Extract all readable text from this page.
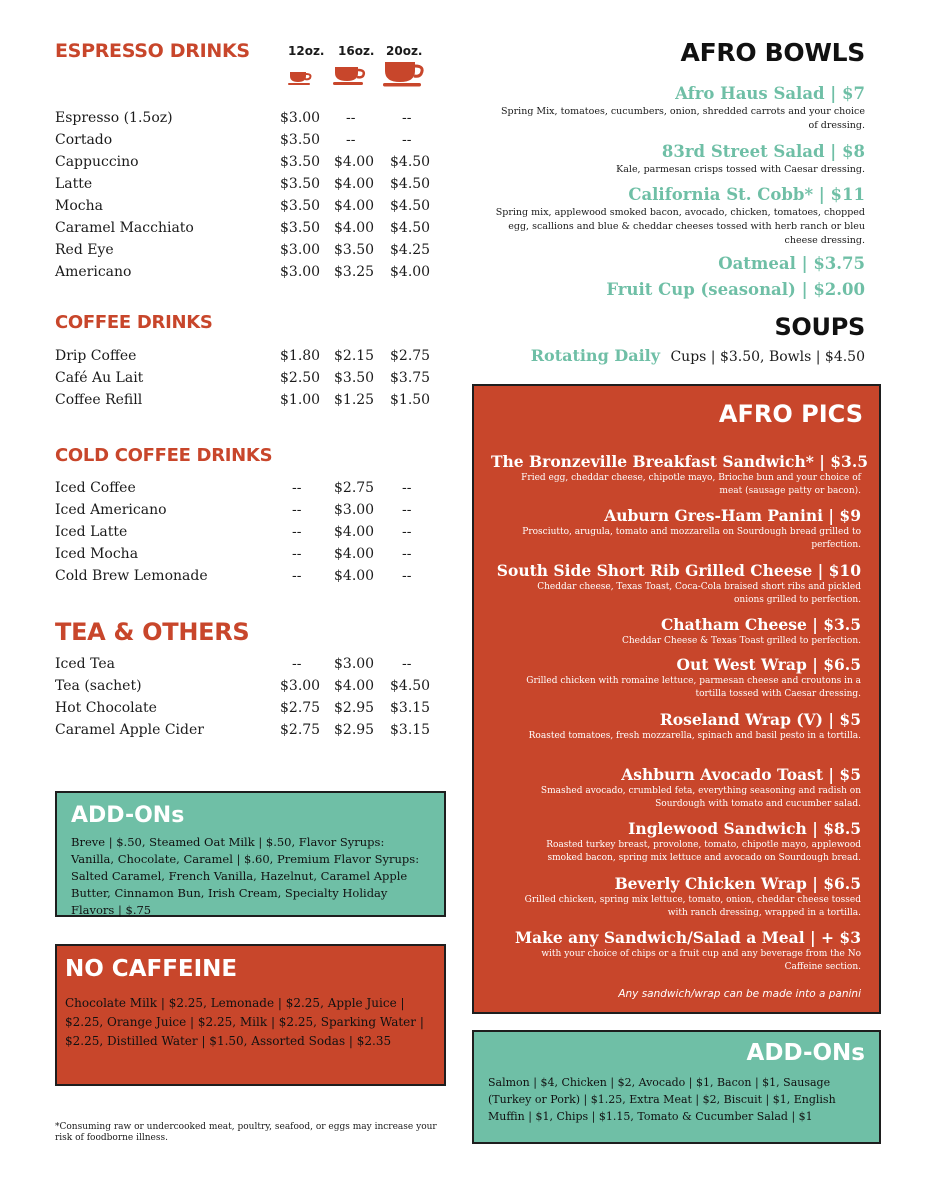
ESPRESSO DRINKS	12oz. 16oz. 20oz.
Espresso (1.5oz)	$3.00	--	--
Cortado	$3.50	--	--
Cappuccino	$3.50 $4.00	$4.50
Latte	$3.50 $4.00	$4.50
Mocha	$3.50 $4.00	$4.50
Caramel Macchiato	$3.50 $4.00	$4.50
Red Eye	$3.00 $3.50	$4.25
Americano	$3.00 $3.25	$4.00
COFFEE DRINKS
Drip Coffee	$1.80 $2.15	$2.75
Café Au Lait	$2.50 $3.50	$3.75
Coffee Refill	$1.00 $1.25	$1.50
COLD COFFEE DRINKS
Iced Coffee	--	$2.75	--
Iced Americano	--	$3.00	--
Iced Latte	--	$4.00	--
Iced Mocha	--	$4.00	--
Cold Brew Lemonade	--	$4.00	--
TEA & OTHERS
Iced Tea	--	$3.00	--
Tea (sachet)	$3.00 $4.00	$4.50
Hot Chocolate	$2.75 $2.95	$3.15
Caramel Apple Cider	$2.75 $2.95	$3.15
ADD-ONs
Breve | $.50, Steamed Oat Milk | $.50, Flavor Syrups: Vanilla, Chocolate, Caramel | $.60, Premium Flavor Syrups: Salted Caramel, French Vanilla, Hazelnut, Caramel Apple Butter, Cinnamon Bun, Irish Cream, Specialty Holiday Flavors | $.75
NO CAFFEINE
Chocolate Milk | $2.25, Lemonade | $2.25, Apple Juice | $2.25, Orange Juice | $2.25, Milk | $2.25, Sparking Water | $2.25, Distilled Water | $1.50, Assorted Sodas | $2.35
*Consuming raw or undercooked meat, poultry, seafood, or eggs may increase your risk of foodborne illness.
AFRO BOWLS
Afro Haus Salad | $7
Spring Mix, tomatoes, cucumbers, onion, shredded carrots and your choice of dressing.
83rd Street Salad | $8
Kale, parmesan crisps tossed with Caesar dressing.
California St. Cobb* | $11
Spring mix, applewood smoked bacon, avocado, chicken, tomatoes, chopped egg, scallions and blue & cheddar cheeses tossed with herb ranch or bleu cheese dressing.
Oatmeal | $3.75
Fruit Cup (seasonal) | $2.00
SOUPS
Rotating Daily Cups | $3.50, Bowls | $4.50
AFRO PICS
The Bronzeville Breakfast Sandwich* | $3.5
Fried egg, cheddar cheese, chipotle mayo, Brioche bun and your choice of meat (sausage patty or bacon).
Auburn Gres-Ham Panini | $9
Prosciutto, arugula, tomato and mozzarella on Sourdough bread grilled to perfection.
South Side Short Rib Grilled Cheese | $10
Cheddar cheese, Texas Toast, Coca-Cola braised short ribs and pickled onions grilled to perfection.
Chatham Cheese | $3.5
Cheddar Cheese & Texas Toast grilled to perfection.
Out West Wrap | $6.5
Grilled chicken with romaine lettuce, parmesan cheese and croutons in a tortilla tossed with Caesar dressing.
Roseland Wrap (V) | $5
Roasted tomatoes, fresh mozzarella, spinach and basil pesto in a tortilla.
Ashburn Avocado Toast | $5
Smashed avocado, crumbled feta, everything seasoning and radish on Sourdough with tomato and cucumber salad.
Inglewood Sandwich | $8.5
Roasted turkey breast, provolone, tomato, chipotle mayo, applewood smoked bacon, spring mix lettuce and avocado on Sourdough bread.
Beverly Chicken Wrap | $6.5
Grilled chicken, spring mix lettuce, tomato, onion, cheddar cheese tossed with ranch dressing, wrapped in a tortilla.
Make any Sandwich/Salad a Meal | + $3
with your choice of chips or a fruit cup and any beverage from the No Caffeine section.
Any sandwich/wrap can be made into a panini
ADD-ONs
Salmon | $4, Chicken | $2, Avocado | $1, Bacon | $1, Sausage (Turkey or Pork) | $1.25, Extra Meat | $2, Biscuit | $1, English Muffin | $1, Chips | $1.15, Tomato & Cucumber Salad | $1
